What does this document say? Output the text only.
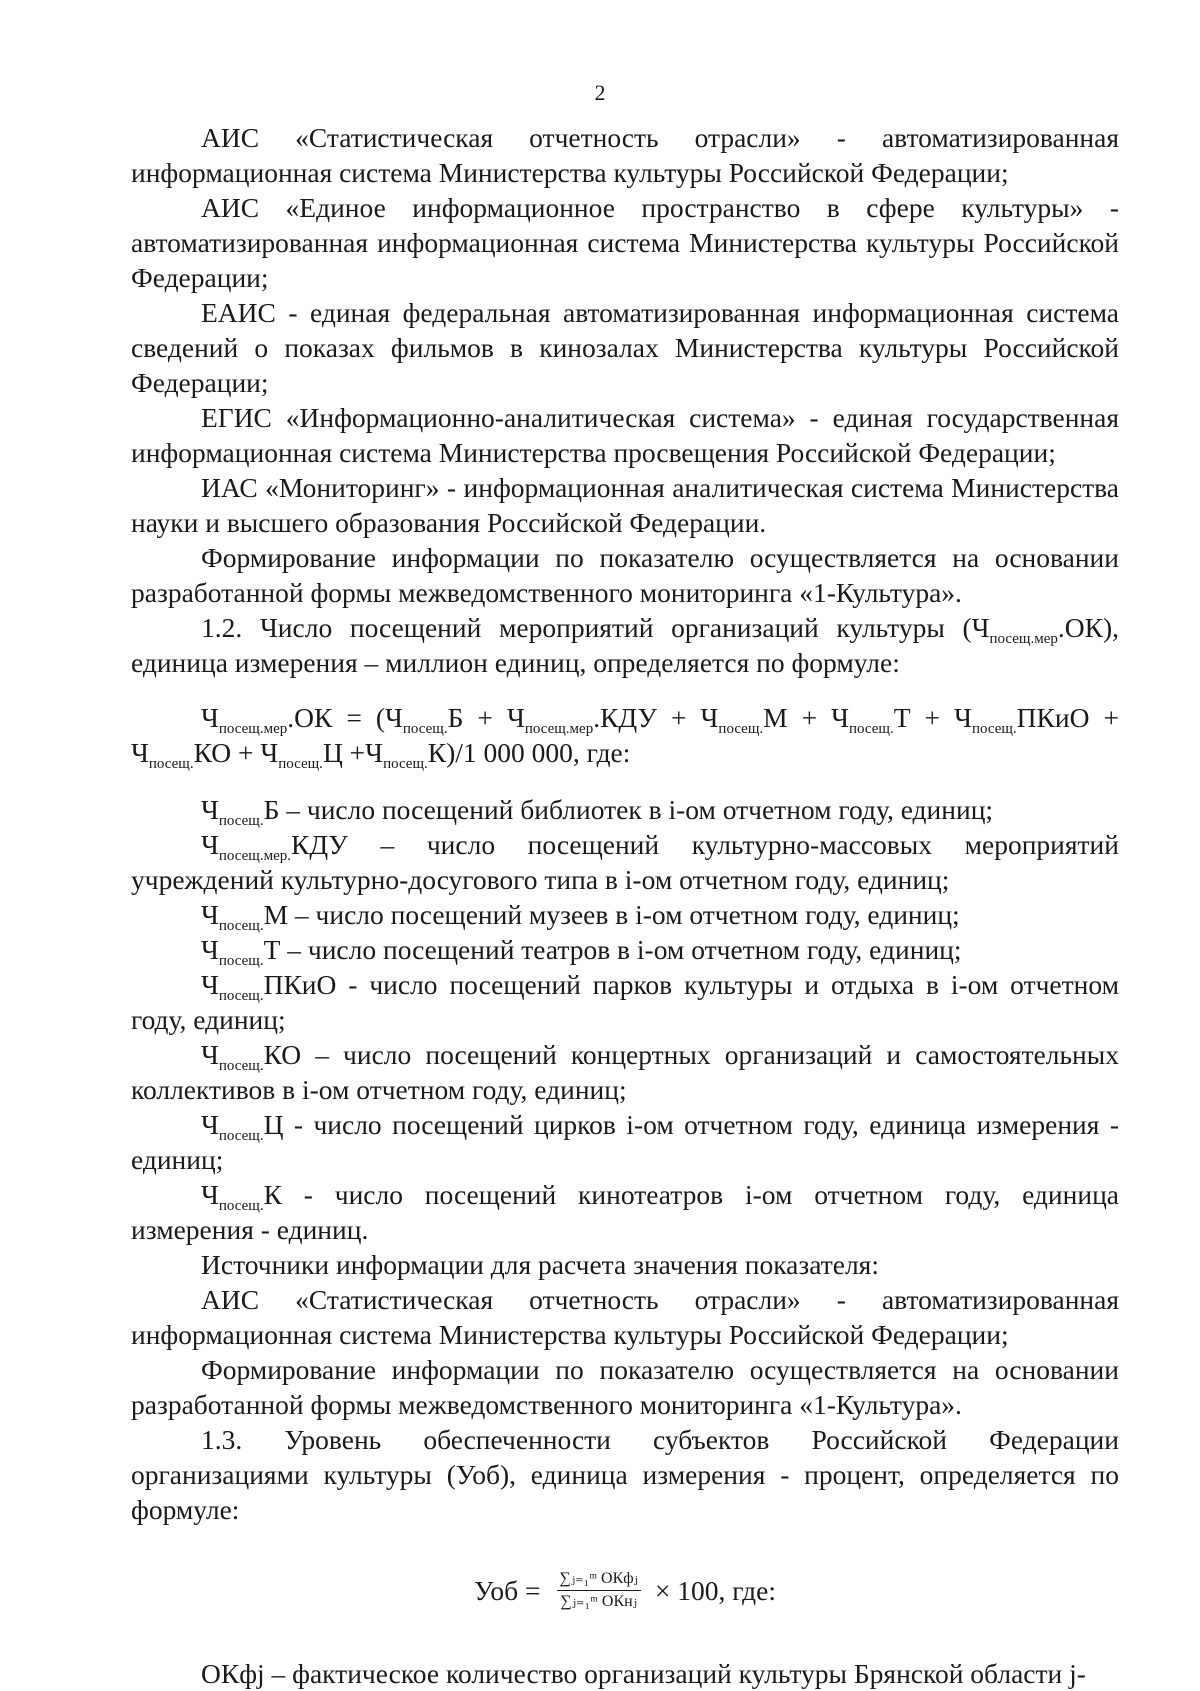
2

АИС «Статистическая отчетность отрасли» - автоматизированная информационная система Министерства культуры Российской Федерации;

АИС «Единое информационное пространство в сфере культуры» - автоматизированная информационная система Министерства культуры Российской Федерации;

ЕАИС - единая федеральная автоматизированная информационная система сведений о показах фильмов в кинозалах Министерства культуры Российской Федерации;

ЕГИС «Информационно-аналитическая система» - единая государственная информационная система Министерства просвещения Российской Федерации;

ИАС «Мониторинг» - информационная аналитическая система Министерства науки и высшего образования Российской Федерации.

Формирование информации по показателю осуществляется на основании разработанной формы межведомственного мониторинга «1-Культура».

1.2. Число посещений мероприятий организаций культуры $(Ч_{посещ.мер}.ОК)$, единица измерения – миллион единиц, определяется по формуле:

$Ч_{посещ.мер}.ОК = (Ч_{посещ.}Б + Ч_{посещ.мер}.КДУ + Ч_{посещ.}М + Ч_{посещ.}Т$ + $Ч_{посещ.}ПКиО + Ч_{посещ.}КО + Ч_{посещ.}Ц +Ч_{посещ.}К)/1$ 000 000, где:

$Ч_{посещ.}Б$ – число посещений библиотек в i-ом отчетном году, единиц;

$Ч_{посещ.мер.}КДУ$ – число посещений культурно-массовых мероприятий учреждений культурно-досугового типа в i-ом отчетном году, единиц;

$Ч_{посещ.}М$ – число посещений музеев в i-ом отчетном году, единиц;

$Ч_{посещ.}Т$ – число посещений театров в i-ом отчетном году, единиц;

$Ч_{посещ.}ПКиО$ - число посещений парков культуры и отдыха в i-ом отчетном году, единиц;

$Ч_{посещ.}КО$ – число посещений концертных организаций и самостоятельных коллективов в i-ом отчетном году, единиц;

$Ч_{посещ.}Ц$ - число посещений цирков i-ом отчетном году, единица измерения - единиц;

$Ч_{посещ.}К$ - число посещений кинотеатров i-ом отчетном году, единица измерения - единиц.

Источники информации для расчета значения показателя:

АИС «Статистическая отчетность отрасли» - автоматизированная информационная система Министерства культуры Российской Федерации;

Формирование информации по показателю осуществляется на основании разработанной формы межведомственного мониторинга «1-Культура».

1.3. Уровень обеспеченности субъектов Российской Федерации организациями культуры (Уоб), единица измерения - процент, определяется по формуле:

Уоб = $\frac{\text{∑ⱼ₌₁ᵐ ОКфⱼ}}{\text{∑ⱼ₌₁ᵐ ОКнⱼ}} \times 100$, где:

ОКфj – фактическое количество организаций культуры Брянской области j-
